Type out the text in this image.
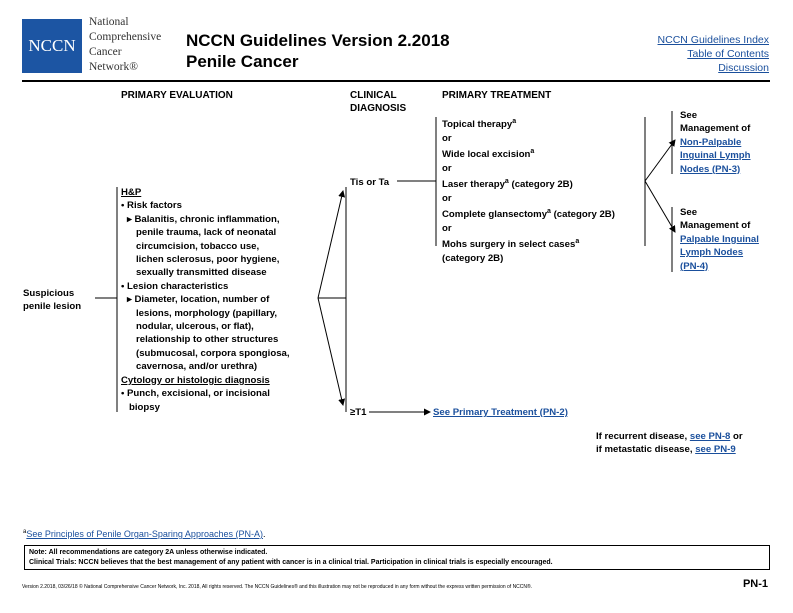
NCCN
National
Comprehensive
Cancer
Network®
NCCN Guidelines Version 2.2018
Penile Cancer
NCCN Guidelines Index
Table of Contents
Discussion
PRIMARY EVALUATION	CLINICAL
DIAGNOSIS
PRIMARY TREATMENT
Suspicious
penile lesion
H&P
• Risk factors
▸ Balanitis, chronic inflammation,
penile trauma, lack of neonatal
circumcision, tobacco use,
lichen sclerosus, poor hygiene,
sexually transmitted disease
• Lesion characteristics
▸ Diameter, location, number of
lesions, morphology (papillary,
nodular, ulcerous, or flat),
relationship to other structures
(submucosal, corpora spongiosa,
cavernosa, and/or urethra)
Cytology or histologic diagnosis
• Punch, excisional, or incisional
biopsy
Tis or Ta
≥T1
Topical therapy$^a$
or
Wide local excision$^a$
or
Laser therapy$^a$ (category 2B)
or
Complete glansectomy$^a$ (category 2B)
or
Mohs surgery in select cases$^a$
(category 2B)
See Primary Treatment (PN-2)
See
Management of
Non-Palpable
Inguinal Lymph
Nodes (PN-3)
See
Management of
Palpable Inguinal
Lymph Nodes
(PN-4)
If recurrent disease, see PN-8 or
if metastatic disease, see PN-9
$^a$See Principles of Penile Organ-Sparing Approaches (PN-A).
Note: All recommendations are category 2A unless otherwise indicated.
Clinical Trials: NCCN believes that the best management of any patient with cancer is in a clinical trial. Participation in clinical trials is especially encouraged.
Version 2.2018, 03/26/18 © National Comprehensive Cancer Network, Inc. 2018, All rights reserved. The NCCN Guidelines® and this illustration may not be reproduced in any form without the express written permission of NCCN®.	PN-1
